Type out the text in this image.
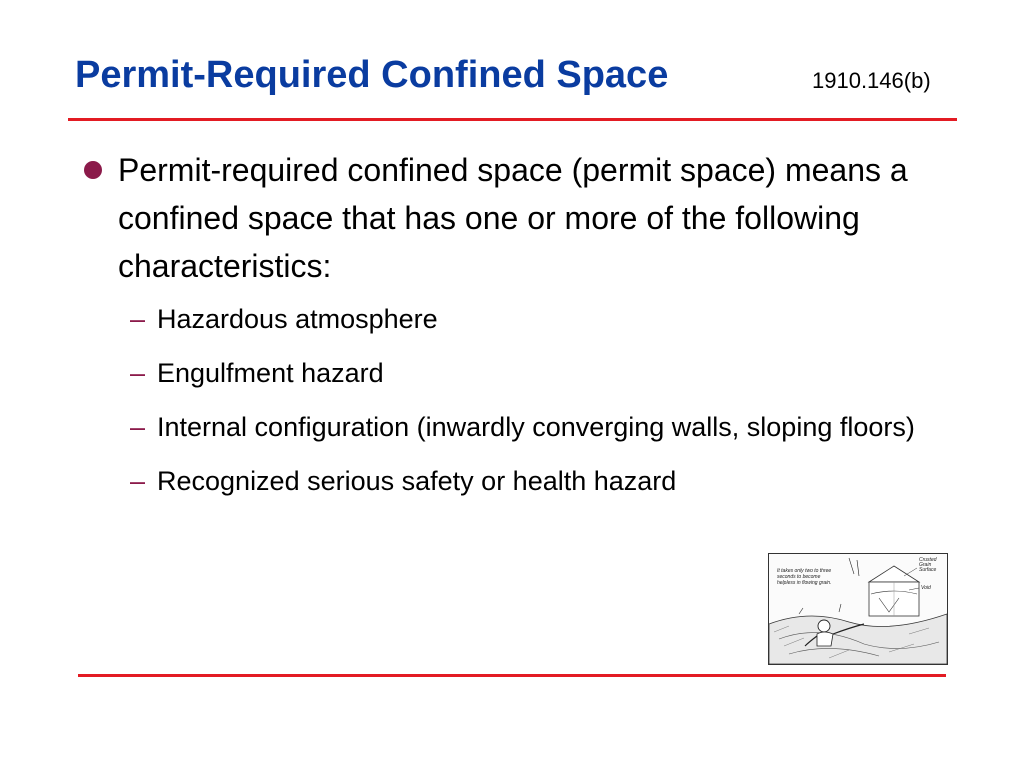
Permit-Required Confined Space	1910.146(b)
Permit-required confined space (permit space) means a confined space that has one or more of the following characteristics:
– Hazardous atmosphere
– Engulfment hazard
– Internal configuration (inwardly converging walls, sloping floors)
– Recognized serious safety or health hazard
It takes only two to three seconds to become helpless in flowing grain.
Crusted Grain Surface
Void
